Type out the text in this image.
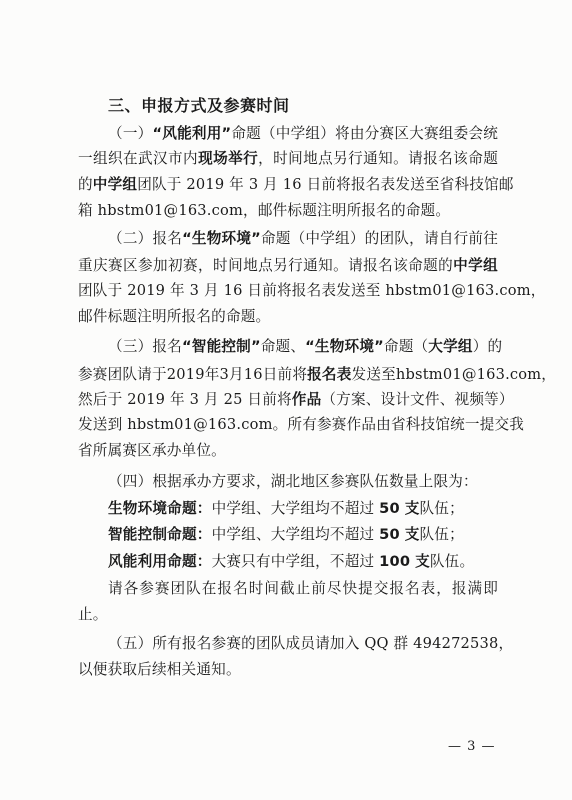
三、申报方式及参赛时间
（一）“风能利用”命题（中学组）将由分赛区大赛组委会统
一组织在武汉市内现场举行，时间地点另行通知。请报名该命题
的中学组团队于 2019 年 3 月 16 日前将报名表发送至省科技馆邮
箱 hbstm01@163.com，邮件标题注明所报名的命题。
（二）报名“生物环境”命题（中学组）的团队，请自行前往
重庆赛区参加初赛，时间地点另行通知。请报名该命题的中学组
团队于 2019 年 3 月 16 日前将报名表发送至 hbstm01@163.com，
邮件标题注明所报名的命题。
（三）报名“智能控制”命题、“生物环境”命题（大学组）的
参赛团队请于2019年3月16日前将报名表发送至hbstm01@163.com，
然后于 2019 年 3 月 25 日前将作品（方案、设计文件、视频等）
发送到 hbstm01@163.com。所有参赛作品由省科技馆统一提交我
省所属赛区承办单位。
（四）根据承办方要求，湖北地区参赛队伍数量上限为：
生物环境命题：中学组、大学组均不超过 50 支队伍；
智能控制命题：中学组、大学组均不超过 50 支队伍；
风能利用命题：大赛只有中学组，不超过 100 支队伍。
请各参赛团队在报名时间截止前尽快提交报名表，报满即
止。
（五）所有报名参赛的团队成员请加入 QQ 群 494272538，
以便获取后续相关通知。
— 3 —
